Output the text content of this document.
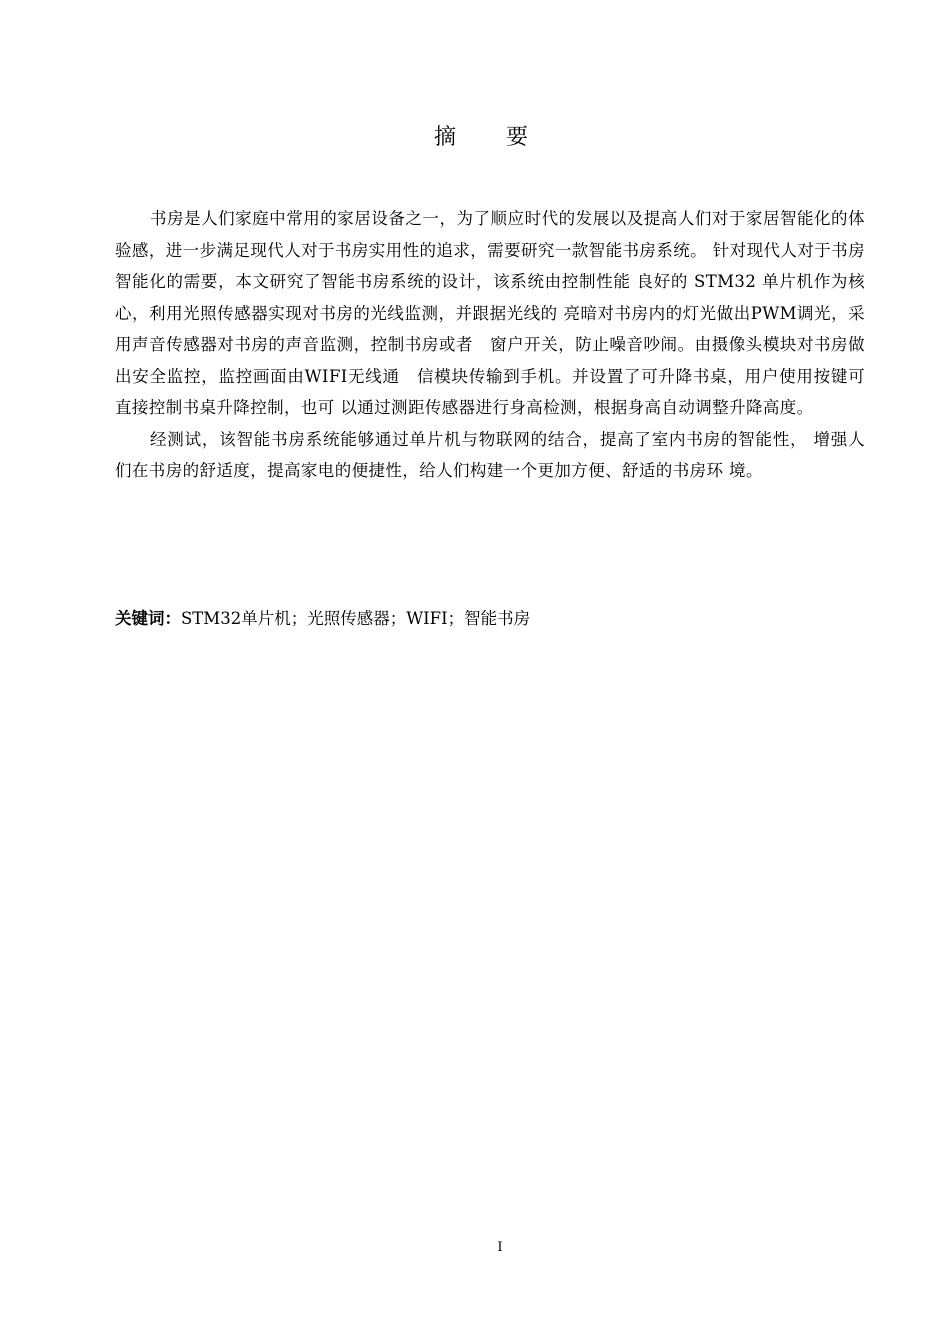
摘　要

书房是人们家庭中常用的家居设备之一，为了顺应时代的发展以及提高人们对于家居智能化的体验感，进一步满足现代人对于书房实用性的追求，需要研究一款智能书房系统。 针对现代人对于书房智能化的需要，本文研究了智能书房系统的设计，该系统由控制性能 良好的 STM32 单片机作为核心，利用光照传感器实现对书房的光线监测，并跟据光线的 亮暗对书房内的灯光做出PWM调光，采用声音传感器对书房的声音监测，控制书房或者　窗户开关，防止噪音吵闹。由摄像头模块对书房做出安全监控，监控画面由WIFI无线通　信模块传输到手机。并设置了可升降书桌，用户使用按键可直接控制书桌升降控制，也可 以通过测距传感器进行身高检测，根据身高自动调整升降高度。

经测试，该智能书房系统能够通过单片机与物联网的结合，提高了室内书房的智能性， 增强人们在书房的舒适度，提高家电的便捷性，给人们构建一个更加方便、舒适的书房环 境。

关键词：STM32单片机；光照传感器；WIFI；智能书房

I
